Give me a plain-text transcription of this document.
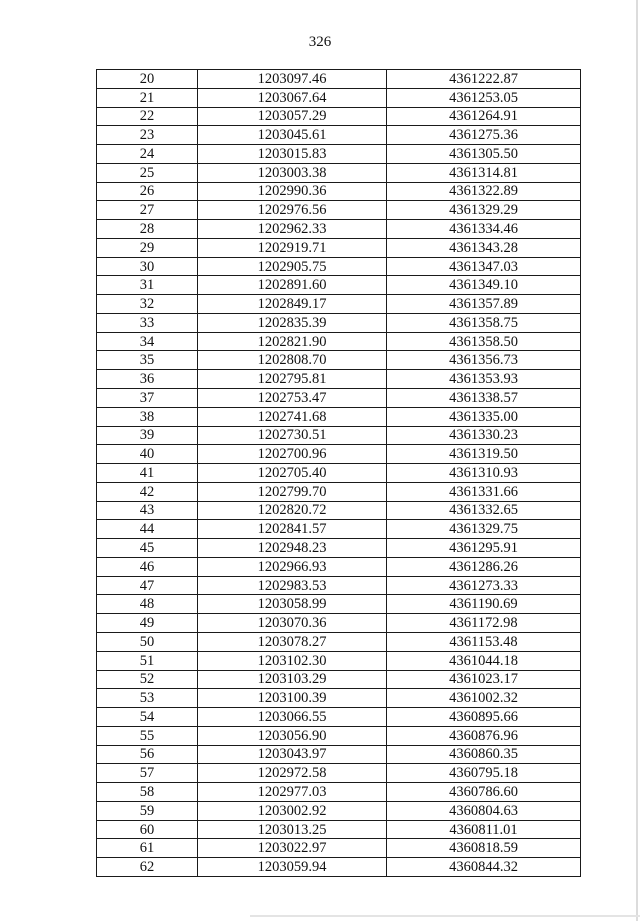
326
20	1203097.46	4361222.87
21	1203067.64	4361253.05
22	1203057.29	4361264.91
23	1203045.61	4361275.36
24	1203015.83	4361305.50
25	1203003.38	4361314.81
26	1202990.36	4361322.89
27	1202976.56	4361329.29
28	1202962.33	4361334.46
29	1202919.71	4361343.28
30	1202905.75	4361347.03
31	1202891.60	4361349.10
32	1202849.17	4361357.89
33	1202835.39	4361358.75
34	1202821.90	4361358.50
35	1202808.70	4361356.73
36	1202795.81	4361353.93
37	1202753.47	4361338.57
38	1202741.68	4361335.00
39	1202730.51	4361330.23
40	1202700.96	4361319.50
41	1202705.40	4361310.93
42	1202799.70	4361331.66
43	1202820.72	4361332.65
44	1202841.57	4361329.75
45	1202948.23	4361295.91
46	1202966.93	4361286.26
47	1202983.53	4361273.33
48	1203058.99	4361190.69
49	1203070.36	4361172.98
50	1203078.27	4361153.48
51	1203102.30	4361044.18
52	1203103.29	4361023.17
53	1203100.39	4361002.32
54	1203066.55	4360895.66
55	1203056.90	4360876.96
56	1203043.97	4360860.35
57	1202972.58	4360795.18
58	1202977.03	4360786.60
59	1203002.92	4360804.63
60	1203013.25	4360811.01
61	1203022.97	4360818.59
62	1203059.94	4360844.32
